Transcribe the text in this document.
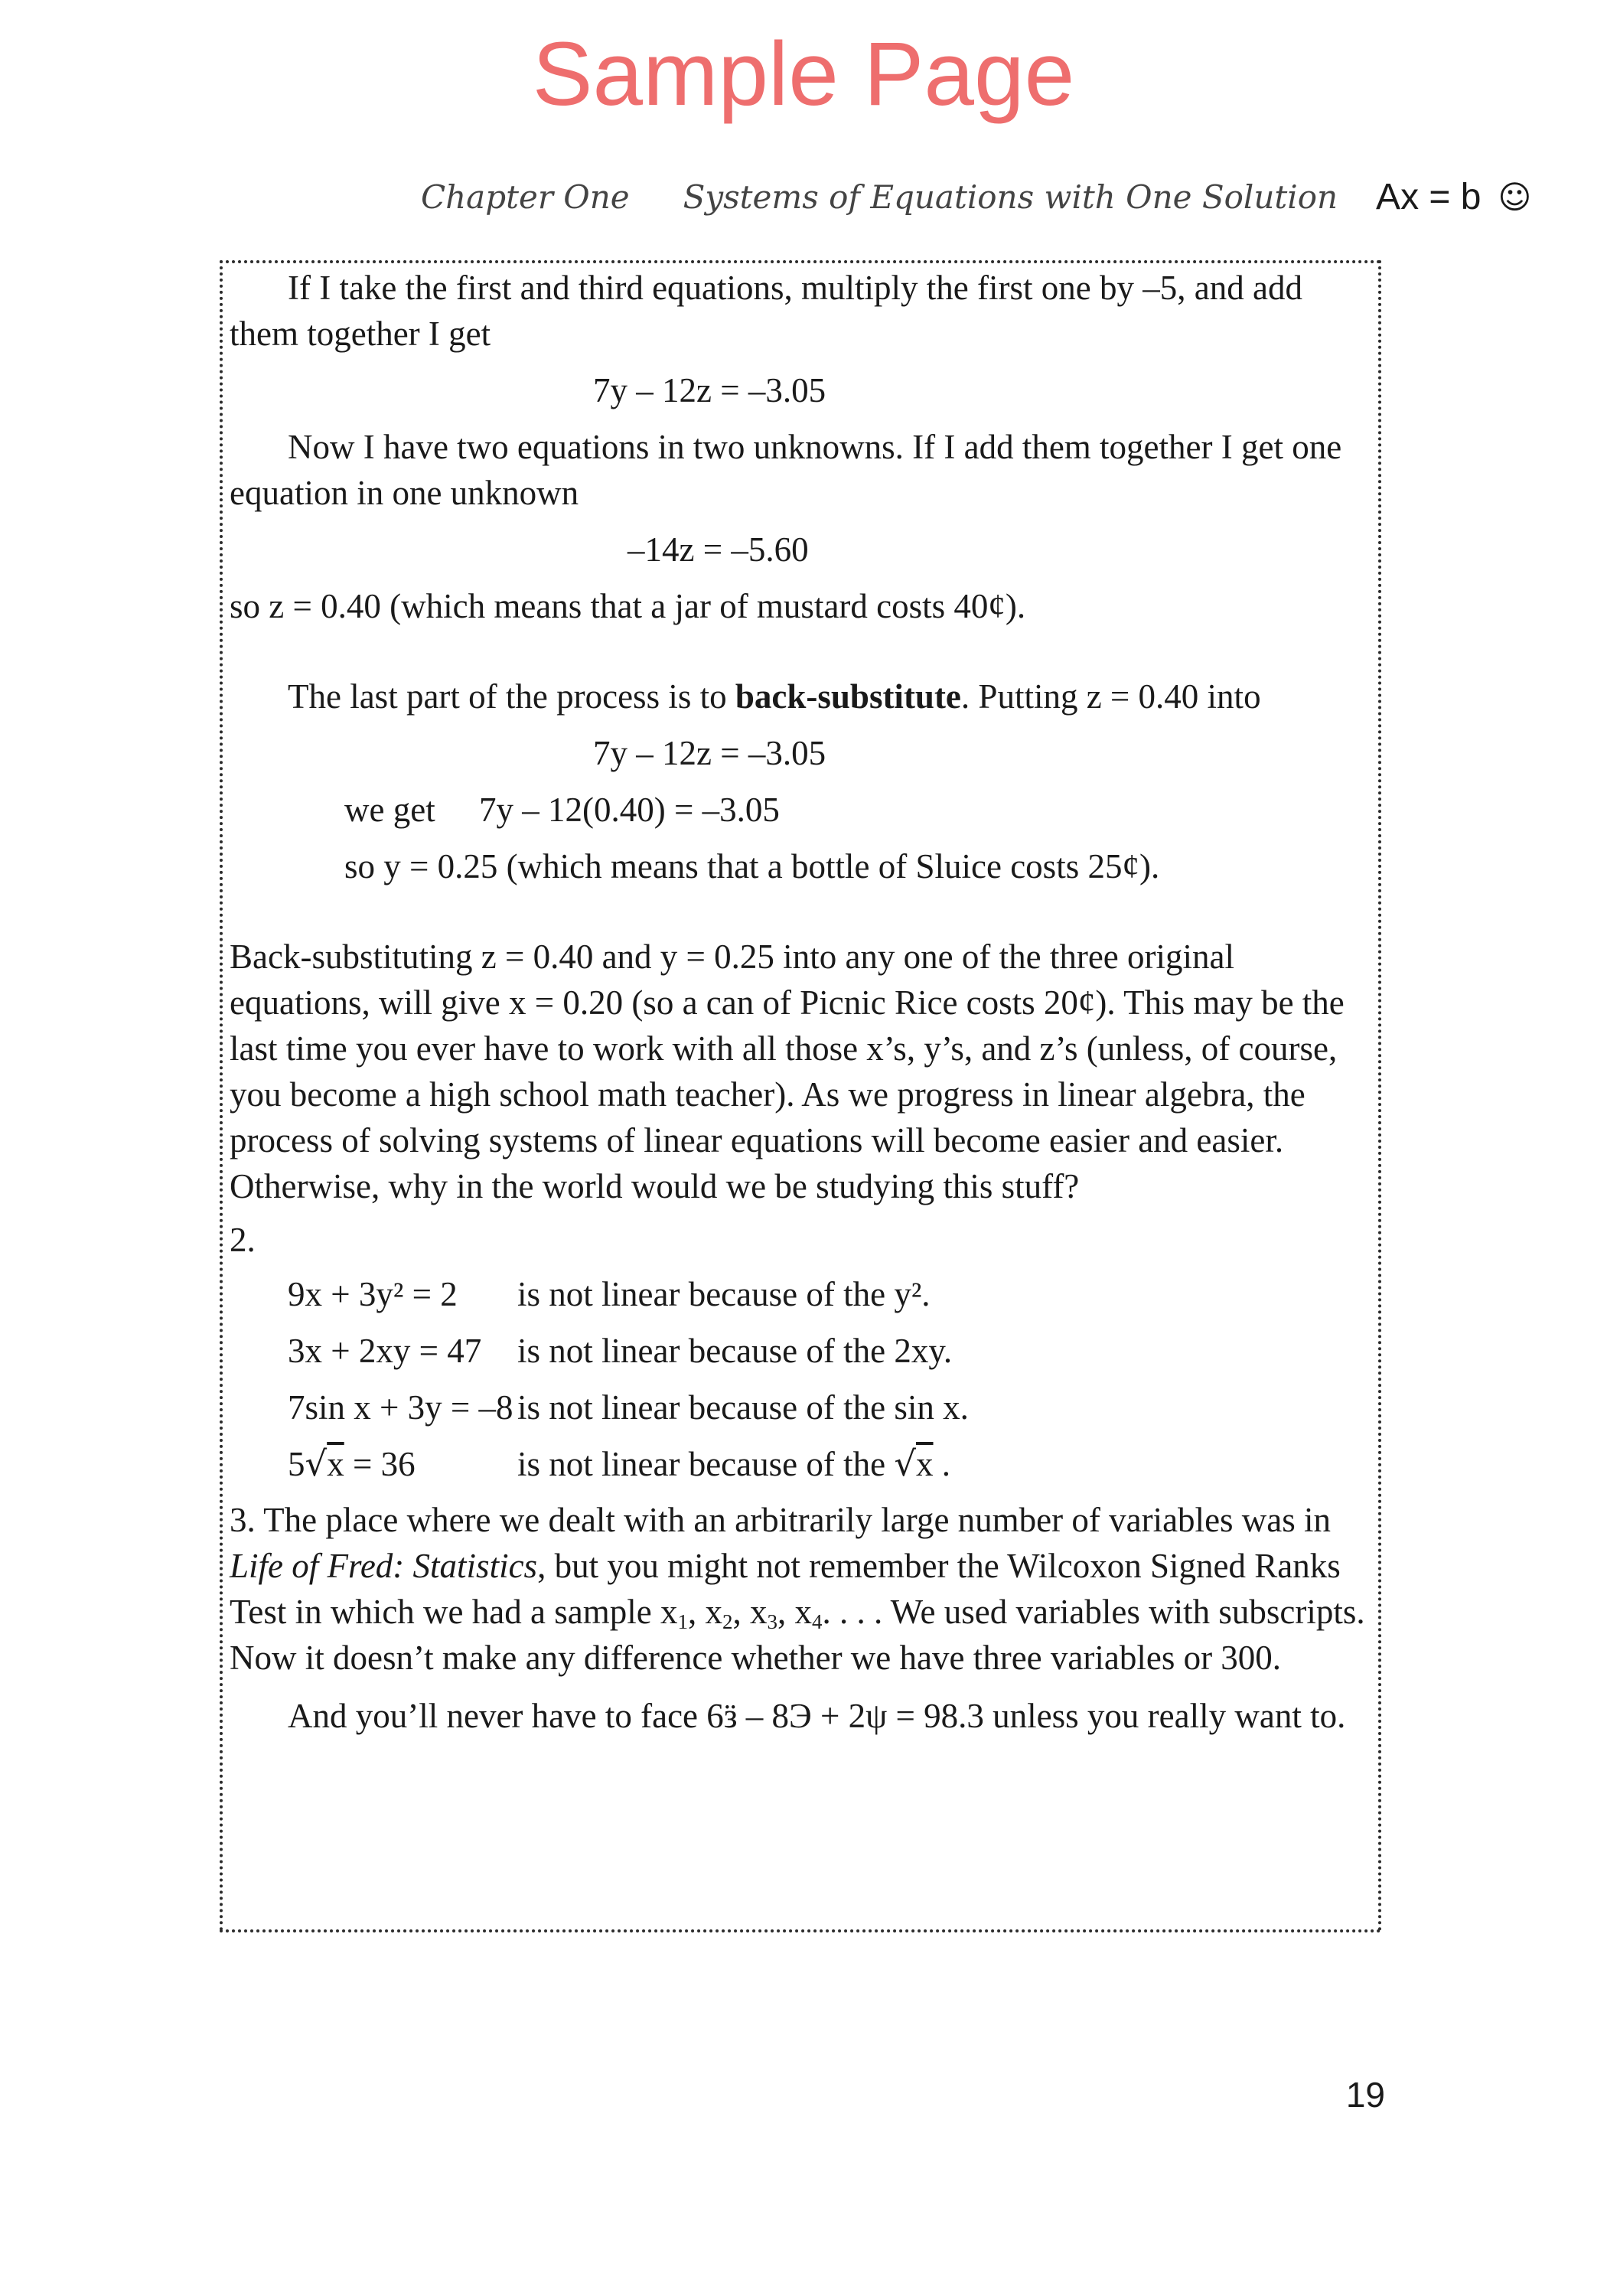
Sample Page
Chapter One Systems of Equations with One Solution Ax = b ☺

If I take the first and third equations, multiply the first one by –5, and add them together I get

7y – 12z = –3.05

Now I have two equations in two unknowns. If I add them together I get one equation in one unknown

–14z = –5.60

so z = 0.40 (which means that a jar of mustard costs 40¢).

The last part of the process is to back-substitute. Putting z = 0.40 into

7y – 12z = –3.05

we get	7y – 12(0.40) = –3.05

so y = 0.25 (which means that a bottle of Sluice costs 25¢).

Back-substituting z = 0.40 and y = 0.25 into any one of the three original equations, will give x = 0.20 (so a can of Picnic Rice costs 20¢). This may be the last time you ever have to work with all those x’s, y’s, and z’s (unless, of course, you become a high school math teacher). As we progress in linear algebra, the process of solving systems of linear equations will become easier and easier. Otherwise, why in the world would we be studying this stuff?

2.

9x + 3y² = 2	is not linear because of the y².
3x + 2xy = 47	is not linear because of the 2xy.
7sin x + 3y = –8 is not linear because of the sin x.
5√x = 36	is not linear because of the √x .

3. The place where we dealt with an arbitrarily large number of variables was in Life of Fred: Statistics, but you might not remember the Wilcoxon Signed Ranks Test in which we had a sample $x_1$, $x_2$, $x_3$, $x_4$. . . . We used variables with subscripts. Now it doesn’t make any difference whether we have three variables or 300.

And you’ll never have to face 6ӟ – 8Э + 2ψ = 98.3 unless you really want to.

19
